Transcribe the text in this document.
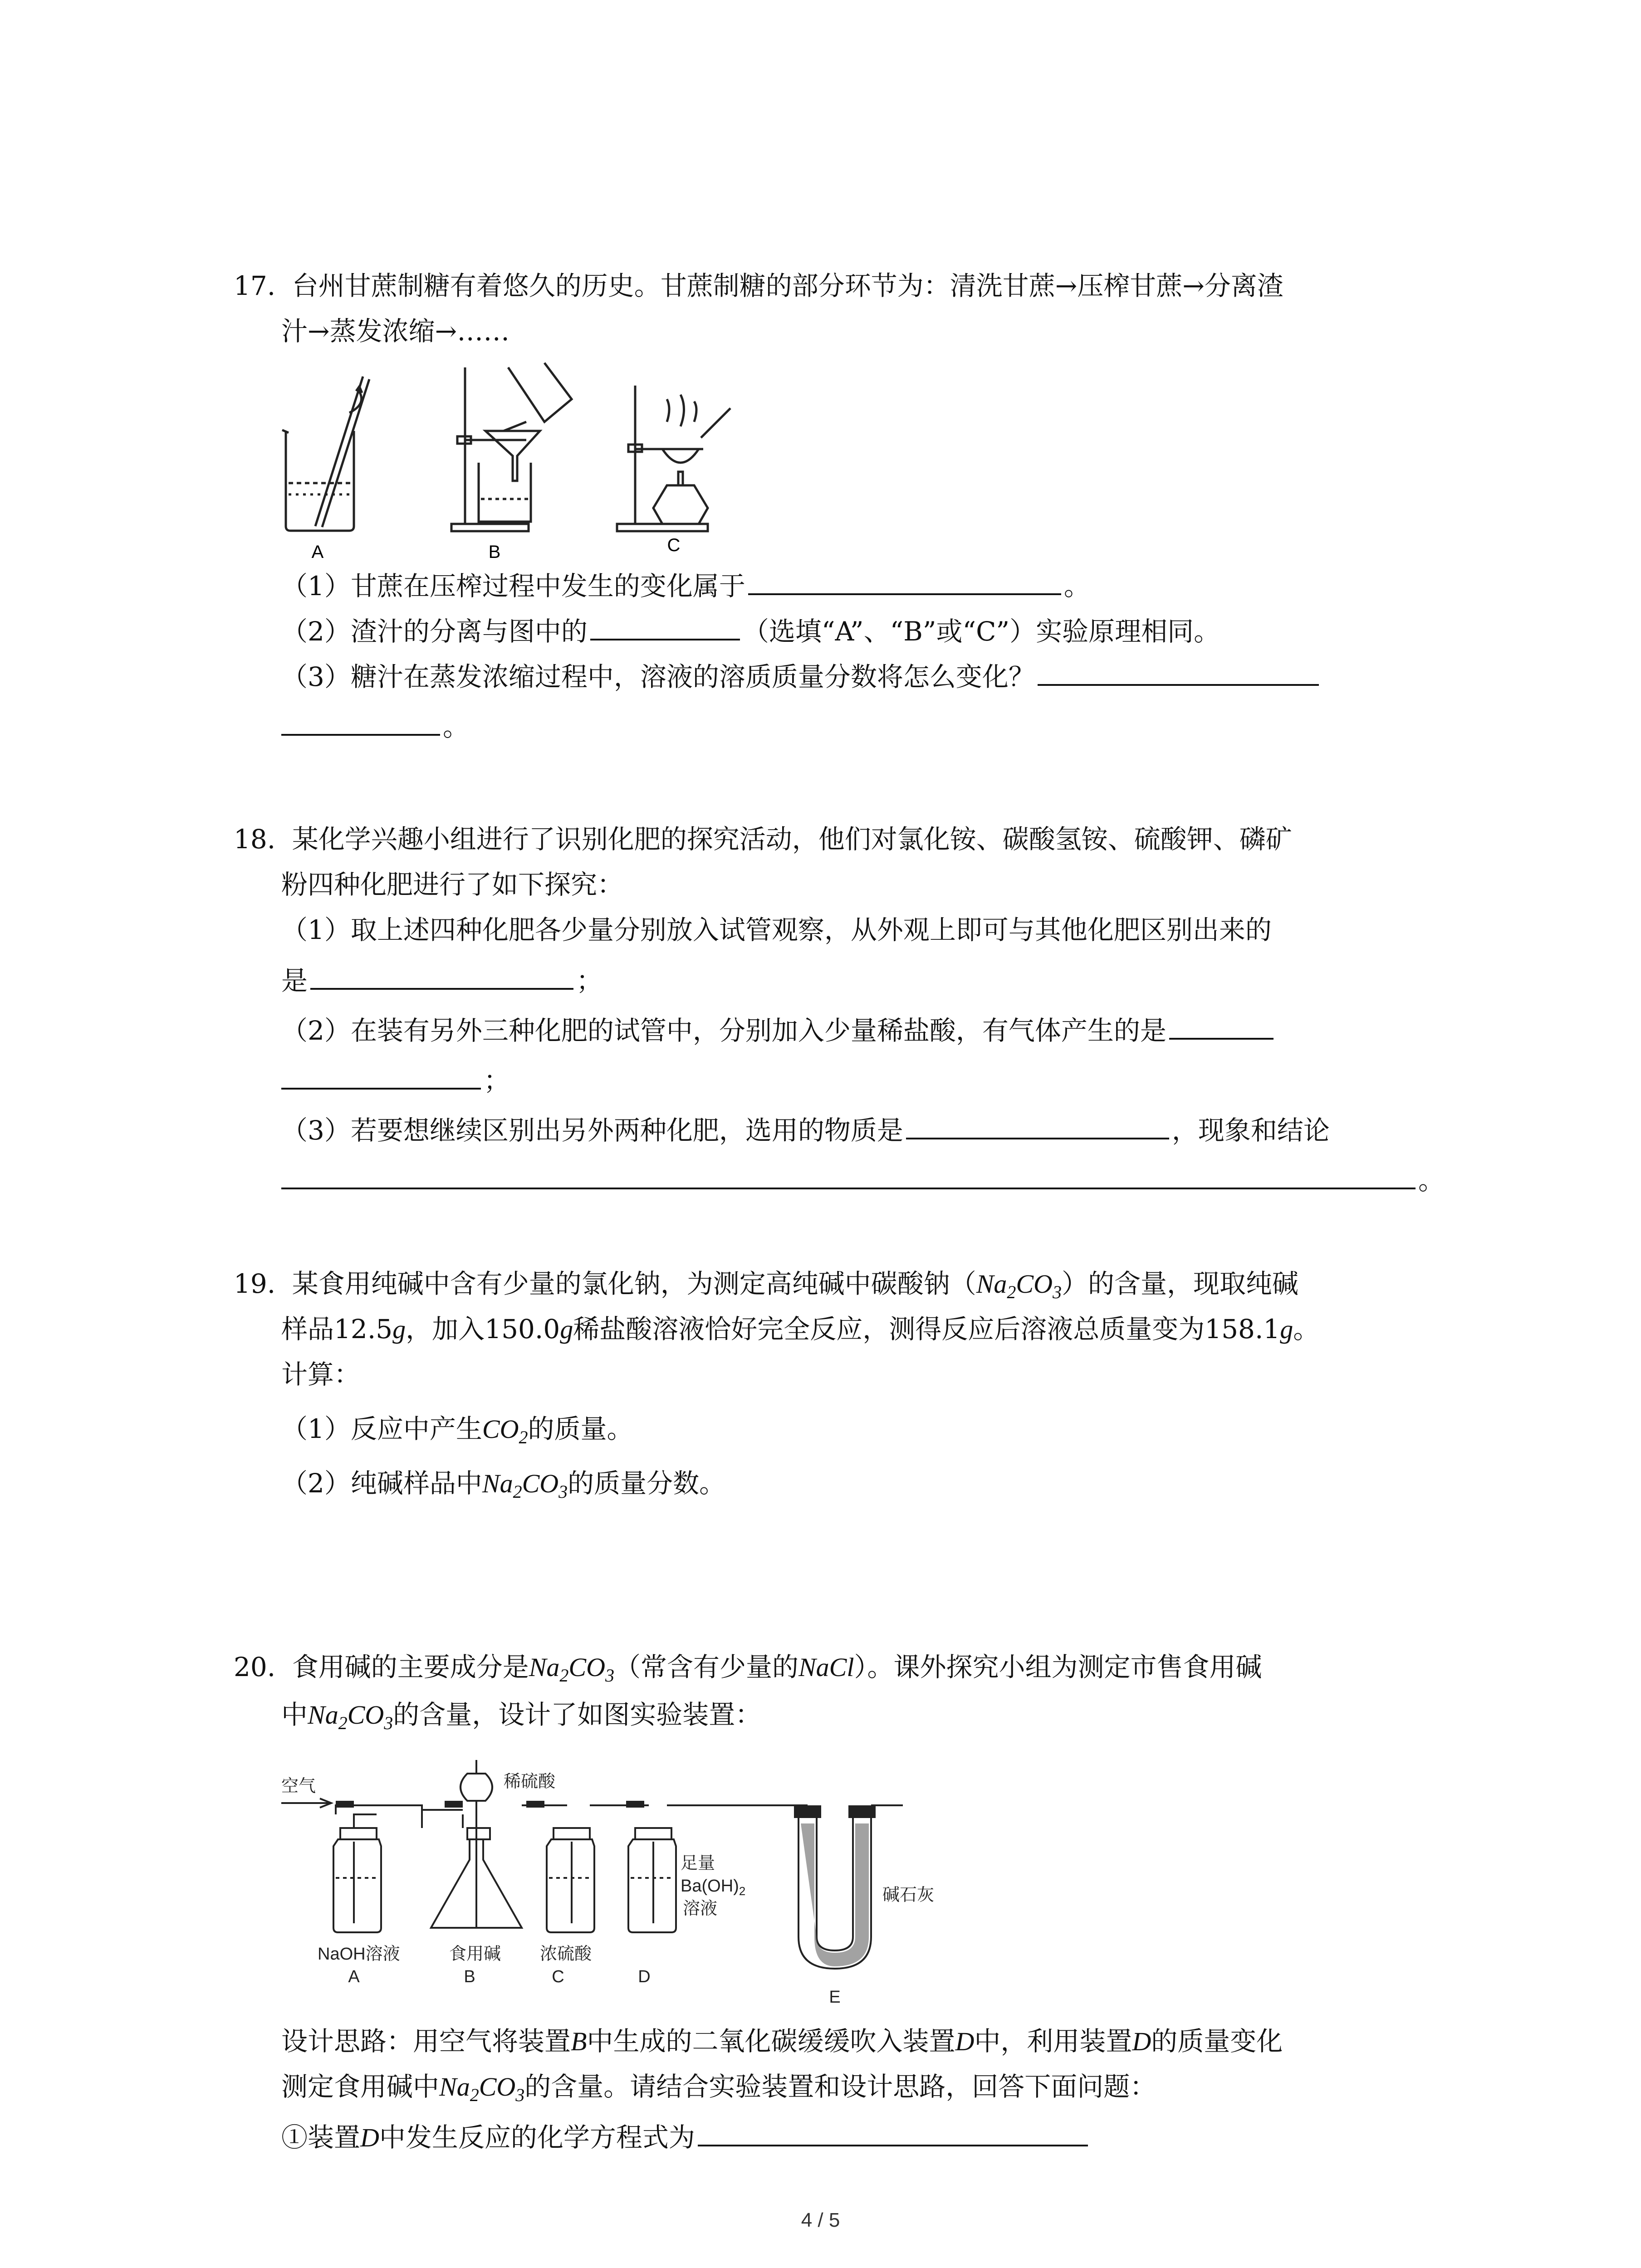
17. 台州甘蔗制糖有着悠久的历史。甘蔗制糖的部分环节为：清洗甘蔗→压榨甘蔗→分离渣
汁→蒸发浓缩→……
A	B	C
（1）甘蔗在压榨过程中发生的变化属于	。
（2）渣汁的分离与图中的	（选填“A”、“B”或“C”）实验原理相同。
（3）糖汁在蒸发浓缩过程中，溶液的溶质质量分数将怎么变化？
。
18. 某化学兴趣小组进行了识别化肥的探究活动，他们对氯化铵、碳酸氢铵、硫酸钾、磷矿
粉四种化肥进行了如下探究：
（1）取上述四种化肥各少量分别放入试管观察，从外观上即可与其他化肥区别出来的
是	；
（2）在装有另外三种化肥的试管中，分别加入少量稀盐酸，有气体产生的是
；
（3）若要想继续区别出另外两种化肥，选用的物质是	，现象和结论
。
19. 某食用纯碱中含有少量的氯化钠，为测定高纯碱中碳酸钠$(Na_2CO_3)$的含量，现取纯碱
样品12.5g，加入150.0g稀盐酸溶液恰好完全反应，测得反应后溶液总质量变为158.1g。
计算：
（1）反应中产生$CO_2$的质量。
（2）纯碱样品中$Na_2CO_3$的质量分数。
20. 食用碱的主要成分是$Na_2CO_3$（常含有少量的NaCl）。课外探究小组为测定市售食用碱
中$Na_2CO_3$的含量，设计了如图实验装置：
空气	稀硫酸
碱石灰
NaOH溶液	食用碱 浓硫酸
足量
$Ba(OH)_2$
溶液
A	B	C	D
E
设计思路：用空气将装置B中生成的二氧化碳缓缓吹入装置D中，利用装置D的质量变化
测定食用碱中$Na_2CO_3$的含量。请结合实验装置和设计思路，回答下面问题：
①装置D中发生反应的化学方程式为
4 / 5
